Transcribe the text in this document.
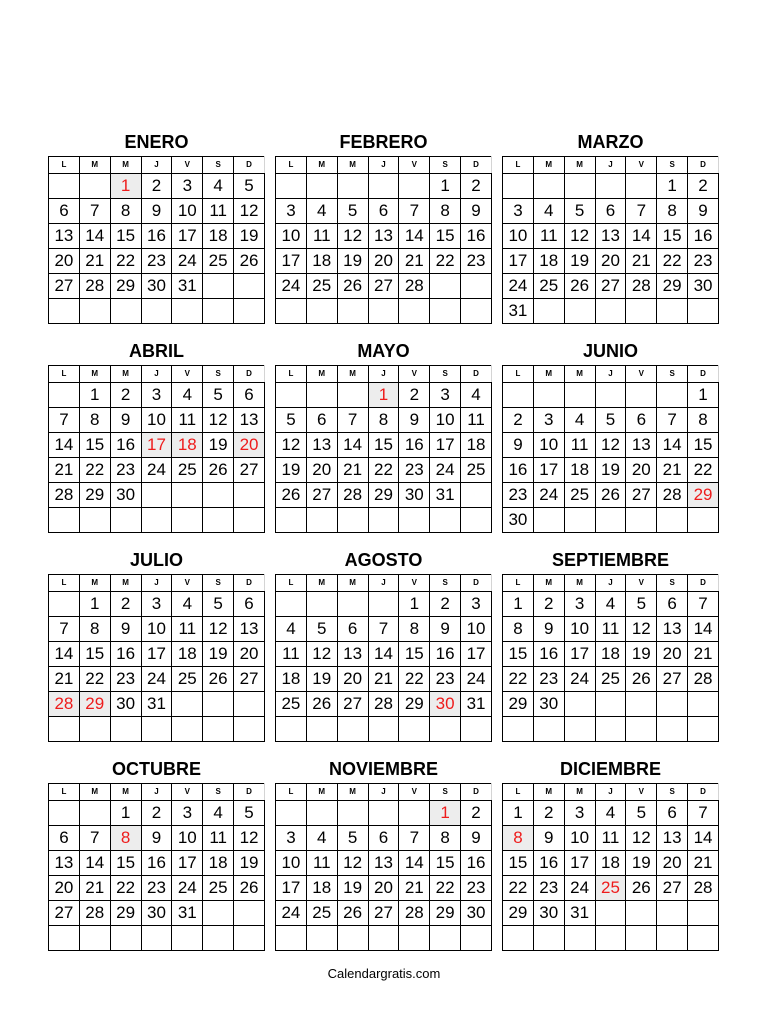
ENERO
L	M	M	J	V	S	D
		1	2	3	4	5
6	7	8	9	10	11	12
13	14	15	16	17	18	19
20	21	22	23	24	25	26
27	28	29	30	31		

FEBRERO
L	M	M	J	V	S	D
					1	2
3	4	5	6	7	8	9
10	11	12	13	14	15	16
17	18	19	20	21	22	23
24	25	26	27	28		

MARZO
L	M	M	J	V	S	D
					1	2
3	4	5	6	7	8	9
10	11	12	13	14	15	16
17	18	19	20	21	22	23
24	25	26	27	28	29	30
31						
ABRIL
L	M	M	J	V	S	D
	1	2	3	4	5	6
7	8	9	10	11	12	13
14	15	16	17	18	19	20
21	22	23	24	25	26	27
28	29	30				

MAYO
L	M	M	J	V	S	D
			1	2	3	4
5	6	7	8	9	10	11
12	13	14	15	16	17	18
19	20	21	22	23	24	25
26	27	28	29	30	31	

JUNIO
L	M	M	J	V	S	D
						1
2	3	4	5	6	7	8
9	10	11	12	13	14	15
16	17	18	19	20	21	22
23	24	25	26	27	28	29
30						
JULIO
L	M	M	J	V	S	D
	1	2	3	4	5	6
7	8	9	10	11	12	13
14	15	16	17	18	19	20
21	22	23	24	25	26	27
28	29	30	31			

AGOSTO
L	M	M	J	V	S	D
				1	2	3
4	5	6	7	8	9	10
11	12	13	14	15	16	17
18	19	20	21	22	23	24
25	26	27	28	29	30	31

SEPTIEMBRE
L	M	M	J	V	S	D
1	2	3	4	5	6	7
8	9	10	11	12	13	14
15	16	17	18	19	20	21
22	23	24	25	26	27	28
29	30					

OCTUBRE
L	M	M	J	V	S	D
		1	2	3	4	5
6	7	8	9	10	11	12
13	14	15	16	17	18	19
20	21	22	23	24	25	26
27	28	29	30	31		

NOVIEMBRE
L	M	M	J	V	S	D
					1	2
3	4	5	6	7	8	9
10	11	12	13	14	15	16
17	18	19	20	21	22	23
24	25	26	27	28	29	30

DICIEMBRE
L	M	M	J	V	S	D
1	2	3	4	5	6	7
8	9	10	11	12	13	14
15	16	17	18	19	20	21
22	23	24	25	26	27	28
29	30	31				

Calendargratis.com
